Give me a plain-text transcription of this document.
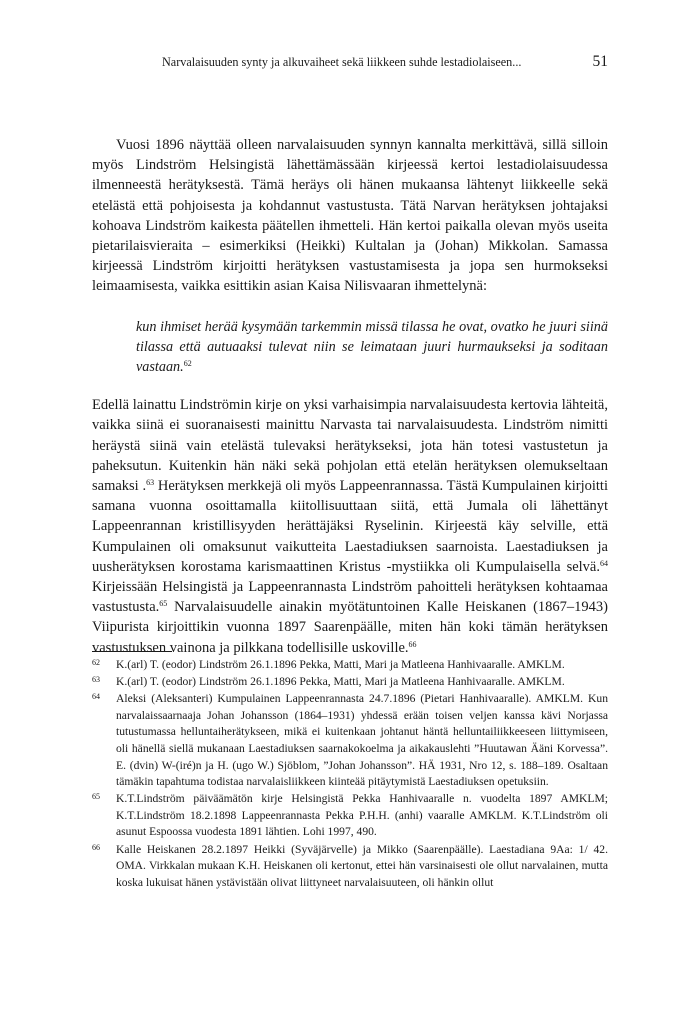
Narvalaisuuden synty ja alkuvaiheet sekä liikkeen suhde lestadiolaiseen...	51

Vuosi 1896 näyttää olleen narvalaisuuden synnyn kannalta merkittävä, sillä silloin myös Lindström Helsingistä lähettämässään kirjeessä kertoi lestadiolaisuudessa ilmenneestä herätyksestä. Tämä heräys oli hänen mukaansa lähtenyt liikkeelle sekä etelästä että pohjoisesta ja kohdannut vastustusta. Tätä Narvan herätyksen johtajaksi kohoava Lindström kaikesta päätellen ihmetteli. Hän kertoi paikalla olevan myös useita pietarilaisvieraita – esimerkiksi (Heikki) Kultalan ja (Johan) Mikkolan. Samassa kirjeessä Lindström kirjoitti herätyksen vastustamisesta ja jopa sen hurmokseksi leimaamisesta, vaikka esittikin asian Kaisa Nilisvaaran ihmettelynä:

kun ihmiset herää kysymään tarkemmin missä tilassa he ovat, ovatko he juuri siinä tilassa että autuaaksi tulevat niin se leimataan juuri hurmaukseksi ja soditaan vastaan.$^{62}$

Edellä lainattu Lindströmin kirje on yksi varhaisimpia narvalaisuudesta kertovia lähteitä, vaikka siinä ei suoranaisesti mainittu Narvasta tai narvalaisuudesta. Lindström nimitti heräystä siinä vain etelästä tulevaksi herätykseksi, jota hän totesi vastustetun ja paheksutun. Kuitenkin hän näki sekä pohjolan että etelän herätyksen olemukseltaan samaksi .$^{63}$ Herätyksen merkkejä oli myös Lappeenrannassa. Tästä Kumpulainen kirjoitti samana vuonna osoittamalla kiitollisuuttaan siitä, että Jumala oli lähettänyt Lappeenrannan kristillisyyden herättäjäksi Ryselinin. Kirjeestä käy selville, että Kumpulainen oli omaksunut vaikutteita Laestadiuksen saarnoista. Laestadiuksen ja uusherätyksen korostama karismaattinen Kristus -mystiikka oli Kumpulaisella selvä.$^{64}$ Kirjeissään Helsingistä ja Lappeenrannasta Lindström pahoitteli herätyksen kohtaamaa vastustusta.$^{65}$ Narvalaisuudelle ainakin myötätuntoinen Kalle Heiskanen (1867–1943) Viipurista kirjoittikin vuonna 1897 Saarenpäälle, miten hän koki tämän herätyksen vastustuksen vainona ja pilkkana todellisille uskoville.$^{66}$

62 K.(arl) T. (eodor) Lindström 26.1.1896 Pekka, Matti, Mari ja Matleena Hanhivaaralle. AMKLM.
63 K.(arl) T. (eodor) Lindström 26.1.1896 Pekka, Matti, Mari ja Matleena Hanhivaaralle. AMKLM.
64 Aleksi (Aleksanteri) Kumpulainen Lappeenrannasta 24.7.1896 (Pietari Hanhivaaralle). AMKLM. Kun narvalaissaarnaaja Johan Johansson (1864–1931) yhdessä erään toisen veljen kanssa kävi Norjassa tutustumassa helluntaiherätykseen, mikä ei kuitenkaan johtanut häntä helluntailiikkeeseen liittymiseen, oli hänellä siellä mukanaan Laestadiuksen saarnakokoelma ja aikakauslehti ”Huutawan Ääni Korvessa”. E. (dvin) W-(iré)n ja H. (ugo W.) Sjöblom, ”Johan Johansson”. HÄ 1931, Nro 12, s. 188–189. Osaltaan tämäkin tapahtuma todistaa narvalaisliikkeen kiinteää pitäytymistä Laestadiuksen opetuksiin.
65 K.T.Lindström päiväämätön kirje Helsingistä Pekka Hanhivaaralle n. vuodelta 1897 AMKLM; K.T.Lindström 18.2.1898 Lappeenrannasta Pekka P.H.H. (anhi) vaaralle AMKLM. K.T.Lindström oli asunut Espoossa vuodesta 1891 lähtien. Lohi 1997, 490.
66 Kalle Heiskanen 28.2.1897 Heikki (Syväjärvelle) ja Mikko (Saarenpäälle). Laestadiana 9Aa: 1/ 42. OMA. Virkkalan mukaan K.H. Heiskanen oli kertonut, ettei hän varsinaisesti ole ollut narvalainen, mutta koska lukuisat hänen ystävistään olivat liittyneet narvalaisuuteen, oli hänkin ollut
